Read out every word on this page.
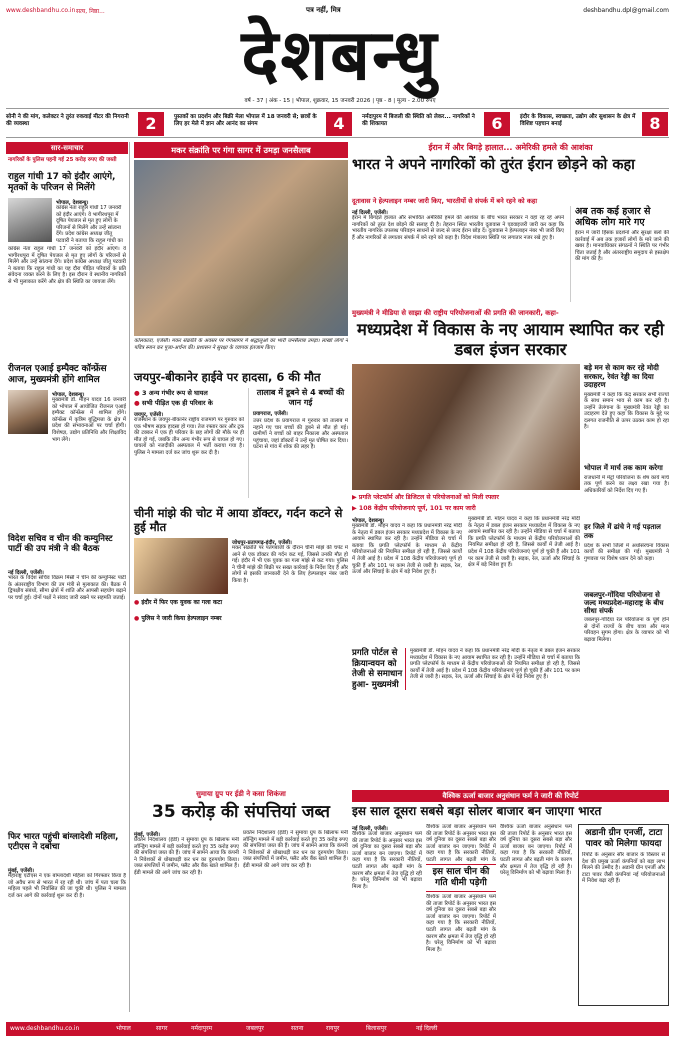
www.deshbandhu.co.in सत्य, निष्ठा...	पत्र नहीं, मित्र	deshbandhu.dpl@gmail.com
देशबन्धु
वर्ष - 37 | अंक - 15 | भोपाल, शुक्रवार, 15 जनवरी 2026 | पृष्ठ - 8 | मूल्य - 2.00 रुपए
सोनी ने की मांग, कलेक्टर ने तुरंत रुकवाई मीटर की निगरानी की व्यवस्था	2	पुस्तकों का प्रदर्शन और बिक्री मेला भोपाल में 18 जनवरी से; छात्रों के लिए हर मेले में ज्ञान और आनंद का संगम	4	नर्मदापुरम में बिजली की स्थिति को लेकर... नागरिकों ने की शिकायत	6	इंदौर के विकास, स्वच्छता, उद्योग और सुशासन के क्षेत्र में विशिष्ट पहचान बनाई	8
सार-समाचार
नागरिकों के पुलिस पहनी गई 25 करोड़ रुपए की जब्ती
राहुल गांधी 17 को इंदौर आएंगे, मृतकों के परिजन से मिलेंगे
भोपाल, देशबन्धु।
कांग्रेस नेता राहुल गांधी 17 जनवरी को इंदौर आएंगे। वे भागीरथपुरा में दूषित पेयजल से मृत हुए लोगों के परिजनों से मिलेंगे और उन्हें सांत्वना देंगे। प्रदेश कांग्रेस अध्यक्ष जीतू पटवारी ने बताया कि राहुल गांधी का
कांग्रेस नेता राहुल गांधी 17 जनवरी को इंदौर आएंगे। वे भागीरथपुरा में दूषित पेयजल से मृत हुए लोगों के परिजनों से मिलेंगे और उन्हें सांत्वना देंगे। प्रदेश कांग्रेस अध्यक्ष जीतू पटवारी ने बताया कि राहुल गांधी का यह दौरा पीड़ित परिवारों के प्रति संवेदना व्यक्त करने के लिए है। इस दौरान वे स्थानीय नागरिकों से भी मुलाकात करेंगे और क्षेत्र की स्थिति का जायजा लेंगे।
रीजनल एआई इम्पैक्ट कॉन्फ्रेंस आज, मुख्यमंत्री होंगे शामिल
भोपाल, देशबन्धु।
मुख्यमंत्री डॉ. मोहन यादव 16 जनवरी को भोपाल में आयोजित रीजनल एआई इम्पैक्ट कॉन्फ्रेंस में शामिल होंगे। कॉन्फ्रेंस में कृत्रिम बुद्धिमत्ता के क्षेत्र में प्रदेश की संभावनाओं पर चर्चा होगी। विशेषज्ञ, उद्योग प्रतिनिधि और शिक्षाविद भाग लेंगे।
विदेश सचिव व चीन की कम्युनिस्ट पार्टी की उप मंत्री ने की बैठक
नई दिल्ली, एजेंसी।
भारत के विदेश सचिव विक्रम मिस्री ने चीन की कम्युनिस्ट पार्टी के अंतरराष्ट्रीय विभाग की उप मंत्री से मुलाकात की। बैठक में द्विपक्षीय संबंधों, सीमा क्षेत्रों में शांति और आपसी सहयोग बढ़ाने पर चर्चा हुई। दोनों पक्षों ने संवाद जारी रखने पर सहमति जताई।
फिर भारत पहुंची बांग्लादेशी महिला, एटीएस ने दबोचा
मुंबई, एजेंसी।
महाराष्ट्र एटीएस ने एक बांग्लादेशी महिला को गिरफ्तार किया है जो अवैध रूप से भारत में रह रही थी। जांच में पता चला कि महिला पहले भी निर्वासित की जा चुकी थी। पुलिस ने मामला दर्ज कर आगे की कार्रवाई शुरू कर दी है।
मकर संक्रांति पर गंगा सागर में उमड़ा जनसैलाब
कोलकाता, एजेंसी। मकर संक्रांति के अवसर पर गंगासागर में श्रद्धालुओं का भारी जनसैलाब उमड़ा। लाखों लोगों ने पवित्र स्नान कर पूजा-अर्चना की। प्रशासन ने सुरक्षा के व्यापक इंतजाम किए।
ईरान में और बिगड़े हालात... अमेरिकी हमले की आशंका
भारत ने अपने नागरिकों को तुरंत ईरान छोड़ने को कहा
दूतावास ने हेल्पलाइन नम्बर जारी किए, भारतीयों से संपर्क में बने रहने को कहा
नई दिल्ली, एजेंसी।
ईरान में बिगड़ते हालात और संभावित अमेरिकी हमले की आशंका के बीच भारत सरकार ने वहां रह रहे अपने नागरिकों को तुरंत देश छोड़ने की सलाह दी है। तेहरान स्थित भारतीय दूतावास ने एडवाइजरी जारी कर कहा कि भारतीय नागरिक उपलब्ध परिवहन साधनों से जल्द से जल्द ईरान छोड़ दें। दूतावास ने हेल्पलाइन नंबर भी जारी किए हैं और नागरिकों से लगातार संपर्क में बने रहने को कहा है। विदेश मंत्रालय स्थिति पर लगातार नजर रखे हुए है।
अब तक कई हजार से अधिक लोग मारे गए
ईरान में जारी हिंसक प्रदर्शनों और सुरक्षा बलों की कार्रवाई में अब तक हजारों लोगों के मारे जाने की खबर है। मानवाधिकार संगठनों ने स्थिति पर गंभीर चिंता जताई है और अंतरराष्ट्रीय समुदाय से हस्तक्षेप की मांग की है।
मुख्यमंत्री ने मीडिया से साझा की राष्ट्रीय परियोजनाओं की प्रगति की जानकारी, कहा-
मध्यप्रदेश में विकास के नए आयाम स्थापित कर रही डबल इंजन सरकार
▶ प्रगति प्लेटफॉर्म और डिजिटल से परियोजनाओं को मिली रफ्तार
▶ 108 केंद्रीय परियोजनाएं पूर्ण, 101 पर काम जारी
बड़े मन से काम कर रहे मोदी सरकार, रेवंत रेड्डी का दिया उदाहरण
मुख्यमंत्री ने कहा कि केंद्र सरकार सभी राज्यों के साथ समान भाव से काम कर रही है। उन्होंने तेलंगाना के मुख्यमंत्री रेवंत रेड्डी का उदाहरण देते हुए कहा कि विकास के मुद्दे पर दलगत राजनीति से ऊपर उठकर काम हो रहा है।
भोपाल में मार्च तक काम करेगा
राजधानी में मेट्रो परियोजना के शेष कार्य मार्च तक पूर्ण करने का लक्ष्य रखा गया है। अधिकारियों को निर्देश दिए गए हैं।
हर जिले में ढांचे ने गई पड़ताल तक
प्रदेश के सभी जिलों में अधोसंरचना विकास कार्यों की समीक्षा की गई। मुख्यमंत्री ने गुणवत्ता पर विशेष ध्यान देने को कहा।
जबलपुर-गोंदिया परियोजना से जल्द मध्यप्रदेश-महाराष्ट्र के बीच सीधा संपर्क
जबलपुर-गोंदिया रेल परियोजना के पूर्ण होने से दोनों राज्यों के बीच यात्रा और माल परिवहन सुगम होगा। क्षेत्र के व्यापार को भी बढ़ावा मिलेगा।
भोपाल, देशबन्धु।
मुख्यमंत्री डॉ. मोहन यादव ने कहा कि प्रधानमंत्री नरेंद्र मोदी के नेतृत्व में डबल इंजन सरकार मध्यप्रदेश में विकास के नए आयाम स्थापित कर रही है। उन्होंने मीडिया से चर्चा में बताया कि प्रगति प्लेटफॉर्म के माध्यम से केंद्रीय परियोजनाओं की नियमित समीक्षा हो रही है, जिससे कार्यों में तेजी आई है। प्रदेश में 108 केंद्रीय परियोजनाएं पूर्ण हो चुकी हैं और 101 पर काम तेजी से जारी है। सड़क, रेल, ऊर्जा और सिंचाई के क्षेत्र में बड़े निवेश हुए हैं।
मुख्यमंत्री डॉ. मोहन यादव ने कहा कि प्रधानमंत्री नरेंद्र मोदी के नेतृत्व में डबल इंजन सरकार मध्यप्रदेश में विकास के नए आयाम स्थापित कर रही है। उन्होंने मीडिया से चर्चा में बताया कि प्रगति प्लेटफॉर्म के माध्यम से केंद्रीय परियोजनाओं की नियमित समीक्षा हो रही है, जिससे कार्यों में तेजी आई है। प्रदेश में 108 केंद्रीय परियोजनाएं पूर्ण हो चुकी हैं और 101 पर काम तेजी से जारी है। सड़क, रेल, ऊर्जा और सिंचाई के क्षेत्र में बड़े निवेश हुए हैं।
प्रगति पोर्टल से क्रियान्वयन को तेजी से समाधान हुआ- मुख्यमंत्री
मुख्यमंत्री डॉ. मोहन यादव ने कहा कि प्रधानमंत्री नरेंद्र मोदी के नेतृत्व में डबल इंजन सरकार मध्यप्रदेश में विकास के नए आयाम स्थापित कर रही है। उन्होंने मीडिया से चर्चा में बताया कि प्रगति प्लेटफॉर्म के माध्यम से केंद्रीय परियोजनाओं की नियमित समीक्षा हो रही है, जिससे कार्यों में तेजी आई है। प्रदेश में 108 केंद्रीय परियोजनाएं पूर्ण हो चुकी हैं और 101 पर काम तेजी से जारी है। सड़क, रेल, ऊर्जा और सिंचाई के क्षेत्र में बड़े निवेश हुए हैं।
जयपुर-बीकानेर हाईवे पर हादसा, 6 की मौत
● 3 अन्य गंभीर रूप से घायल
● सभी पीड़ित एक ही परिवार के
जयपुर, एजेंसी।
राजस्थान के जयपुर-बीकानेर राष्ट्रीय राजमार्ग पर गुरुवार को एक भीषण सड़क हादसा हो गया। तेज रफ्तार कार और ट्रक की टक्कर में एक ही परिवार के छह लोगों की मौके पर ही मौत हो गई, जबकि तीन अन्य गंभीर रूप से घायल हो गए। घायलों को नजदीकी अस्पताल में भर्ती कराया गया है। पुलिस ने मामला दर्ज कर जांच शुरू कर दी है।
तालाब में डूबने से 4 बच्चों की जान गई
प्रयागराज, एजेंसी।
उत्तर प्रदेश के प्रयागराज में गुरुवार को तालाब में नहाने गए चार बच्चों की डूबने से मौत हो गई। ग्रामीणों ने बच्चों को बाहर निकाला और अस्पताल पहुंचाया, जहां डॉक्टरों ने उन्हें मृत घोषित कर दिया। घटना से गांव में शोक की लहर है।
चीनी मांझे की चोट में आया डॉक्टर, गर्दन कटने से हुई मौत
● इंदौर में फिर एक युवक का गला कटा
● पुलिस ने जारी किया हेल्पलाइन नम्बर
जोधपुर-प्रतापगढ़-इंदौर, एजेंसी।
मकर संक्रांति पर पतंगबाजी के दौरान चीनी मांझे की चपेट में आने से एक डॉक्टर की गर्दन कट गई, जिससे उनकी मौत हो गई। इंदौर में भी एक युवक का गला मांझे से कट गया। पुलिस ने चीनी मांझे की बिक्री पर सख्त कार्रवाई के निर्देश दिए हैं और लोगों से इसकी जानकारी देने के लिए हेल्पलाइन नंबर जारी किया है।
सुमाया ग्रुप पर ईडी ने कसा शिकंजा
35 करोड़ की संपत्तियां जब्त
मुंबई, एजेंसी।
प्रवर्तन निदेशालय (ईडी) ने सुमाया ग्रुप के खिलाफ मनी लॉन्ड्रिंग मामले में बड़ी कार्रवाई करते हुए 35 करोड़ रुपए की संपत्तियां जब्त की हैं। जांच में सामने आया कि कंपनी ने निवेशकों से धोखाधड़ी कर धन का दुरुपयोग किया। जब्त संपत्तियों में जमीन, फ्लैट और बैंक खाते शामिल हैं। ईडी मामले की आगे जांच कर रही है।
प्रवर्तन निदेशालय (ईडी) ने सुमाया ग्रुप के खिलाफ मनी लॉन्ड्रिंग मामले में बड़ी कार्रवाई करते हुए 35 करोड़ रुपए की संपत्तियां जब्त की हैं। जांच में सामने आया कि कंपनी ने निवेशकों से धोखाधड़ी कर धन का दुरुपयोग किया। जब्त संपत्तियों में जमीन, फ्लैट और बैंक खाते शामिल हैं। ईडी मामले की आगे जांच कर रही है।
वैश्विक ऊर्जा बाजार अनुसंधान फर्म ने जारी की रिपोर्ट
इस साल दूसरा सबसे बड़ा सोलर बाजार बन जाएगा भारत
नई दिल्ली, एजेंसी।
वैश्विक ऊर्जा बाजार अनुसंधान फर्म की ताजा रिपोर्ट के अनुसार भारत इस वर्ष दुनिया का दूसरा सबसे बड़ा सौर ऊर्जा बाजार बन जाएगा। रिपोर्ट में कहा गया है कि सरकारी नीतियों, घटती लागत और बढ़ती मांग के कारण सौर क्षमता में तेज वृद्धि हो रही है। घरेलू विनिर्माण को भी बढ़ावा मिला है।
वैश्विक ऊर्जा बाजार अनुसंधान फर्म की ताजा रिपोर्ट के अनुसार भारत इस वर्ष दुनिया का दूसरा सबसे बड़ा सौर ऊर्जा बाजार बन जाएगा। रिपोर्ट में कहा गया है कि सरकारी नीतियों, घटती लागत और बढ़ती मांग के
इस साल चीन की गति धीमी पड़ेगी
वैश्विक ऊर्जा बाजार अनुसंधान फर्म की ताजा रिपोर्ट के अनुसार भारत इस वर्ष दुनिया का दूसरा सबसे बड़ा सौर ऊर्जा बाजार बन जाएगा। रिपोर्ट में कहा गया है कि सरकारी नीतियों, घटती लागत और बढ़ती मांग के कारण सौर क्षमता में तेज वृद्धि हो रही है। घरेलू विनिर्माण को भी बढ़ावा मिला है।
वैश्विक ऊर्जा बाजार अनुसंधान फर्म की ताजा रिपोर्ट के अनुसार भारत इस वर्ष दुनिया का दूसरा सबसे बड़ा सौर ऊर्जा बाजार बन जाएगा। रिपोर्ट में कहा गया है कि सरकारी नीतियों, घटती लागत और बढ़ती मांग के कारण सौर क्षमता में तेज वृद्धि हो रही है। घरेलू विनिर्माण को भी बढ़ावा मिला है।
अडानी ग्रीन एनर्जी, टाटा पावर को मिलेगा फायदा
रिपोर्ट के अनुसार सौर बाजार के विस्तार से देश की प्रमुख ऊर्जा कंपनियों को बड़ा लाभ मिलने की उम्मीद है। अडानी ग्रीन एनर्जी और टाटा पावर जैसी कंपनियां नई परियोजनाओं में निवेश बढ़ा रही हैं।
www.deshbandhu.co.in	भोपाल	सागर	नर्मदापुरम	जबलपुर	सतना	रायपुर	बिलासपुर	नई दिल्ली
